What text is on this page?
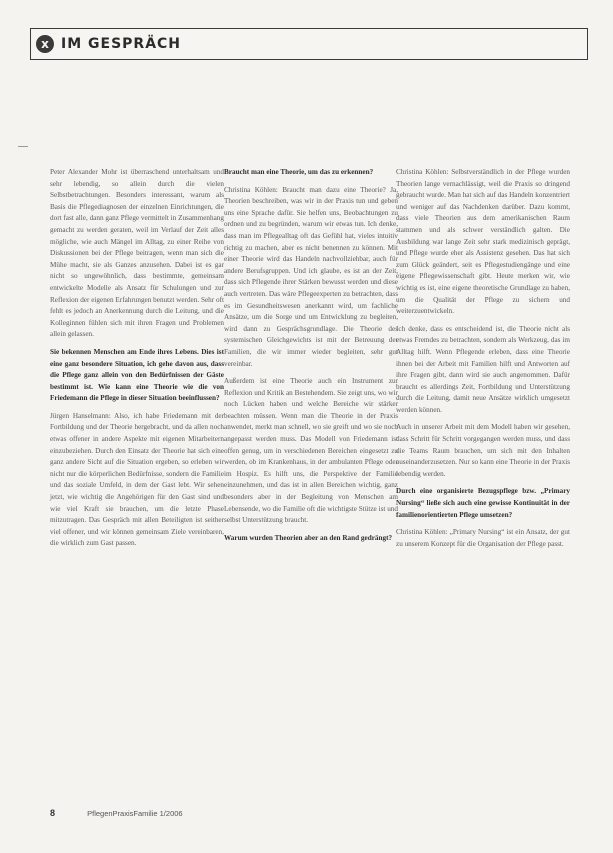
x IM GESPRÄCH

Peter Alexander Mohr ist überraschend unterhaltsam und sehr lebendig, so allein durch die vielen Selbstbetrachtungen. Besonders interessant, warum als Basis die Pflegediagnosen der einzelnen Einrichtungen, die dort fast alle, dann ganz Pflege vermittelt in Zusammenhang gemacht zu werden geraten, weil im Verlauf der Zeit alles mögliche, wie auch Mängel im Alltag, zu einer Reihe von Diskussionen bei der Pflege beitragen, wenn man sich die Mühe macht, sie als Ganzes anzusehen. Dabei ist es gar nicht so ungewöhnlich, dass bestimmte, gemeinsam entwickelte Modelle als Ansatz für Schulungen und zur Reflexion der eigenen Erfahrungen benutzt werden. Sehr oft fehlt es jedoch an Anerkennung durch die Leitung, und die Kolleginnen fühlen sich mit ihren Fragen und Problemen allein gelassen.

Sie bekennen Menschen am Ende ihres Lebens. Dies ist eine ganz besondere Situation, ich gehe davon aus, dass die Pflege ganz allein von den Bedürfnissen der Gäste bestimmt ist. Wie kann eine Theorie wie die von Friedemann die Pflege in dieser Situation beeinflussen?

Jürgen Hanselmann: Also, ich habe Friedemann mit der Fortbildung und der Theorie hergebracht, und da allen noch etwas offener in andere Aspekte mit eigenen Mitarbeitern einzubeziehen. Durch den Einsatz der Theorie hat sich eine ganz andere Sicht auf die Situation ergeben, so erleben wir nicht nur die körperlichen Bedürfnisse, sondern die Familie und das soziale Umfeld, in dem der Gast lebt. Wir sehen jetzt, wie wichtig die Angehörigen für den Gast sind und wie viel Kraft sie brauchen, um die letzte Phase mitzutragen. Das Gespräch mit allen Beteiligten ist seither viel offener, und wir können gemeinsam Ziele vereinbaren, die wirklich zum Gast passen.

Braucht man eine Theorie, um das zu erkennen?

Christina Köhlen: Braucht man dazu eine Theorie? Ja, Theorien beschreiben, was wir in der Praxis tun und geben uns eine Sprache dafür. Sie helfen uns, Beobachtungen zu ordnen und zu begründen, warum wir etwas tun. Ich denke, dass man im Pflegealltag oft das Gefühl hat, vieles intuitiv richtig zu machen, aber es nicht benennen zu können. Mit einer Theorie wird das Handeln nachvollziehbar, auch für andere Berufsgruppen. Und ich glaube, es ist an der Zeit, dass sich Pflegende ihrer Stärken bewusst werden und diese auch vertreten. Das wäre Pflegeexperten zu betrachten, dass es im Gesundheitswesen anerkannt wird, um fachliche Ansätze, um die Sorge und um Entwicklung zu begleiten, wird dann zu Gesprächsgrundlage. Die Theorie des systemischen Gleichgewichts ist mit der Betreuung der Familien, die wir immer wieder begleiten, sehr gut vereinbar.

Außerdem ist eine Theorie auch ein Instrument zur Reflexion und Kritik an Bestehendem. Sie zeigt uns, wo wir noch Lücken haben und welche Bereiche wir stärker beachten müssen. Wenn man die Theorie in der Praxis anwendet, merkt man schnell, wo sie greift und wo sie noch angepasst werden muss. Das Modell von Friedemann ist offen genug, um in verschiedenen Bereichen eingesetzt zu werden, ob im Krankenhaus, in der ambulanten Pflege oder im Hospiz. Es hilft uns, die Perspektive der Familie einzunehmen, und das ist in allen Bereichen wichtig, ganz besonders aber in der Begleitung von Menschen am Lebensende, wo die Familie oft die wichtigste Stütze ist und selbst Unterstützung braucht.

Warum wurden Theorien aber an den Rand gedrängt?

Christina Köhlen: Selbstverständlich in der Pflege wurden Theorien lange vernachlässigt, weil die Praxis so dringend gebraucht wurde. Man hat sich auf das Handeln konzentriert und weniger auf das Nachdenken darüber. Dazu kommt, dass viele Theorien aus dem amerikanischen Raum stammen und als schwer verständlich galten. Die Ausbildung war lange Zeit sehr stark medizinisch geprägt, und Pflege wurde eher als Assistenz gesehen. Das hat sich zum Glück geändert, seit es Pflegestudiengänge und eine eigene Pflegewissenschaft gibt. Heute merken wir, wie wichtig es ist, eine eigene theoretische Grundlage zu haben, um die Qualität der Pflege zu sichern und weiterzuentwickeln.

Ich denke, dass es entscheidend ist, die Theorie nicht als etwas Fremdes zu betrachten, sondern als Werkzeug, das im Alltag hilft. Wenn Pflegende erleben, dass eine Theorie ihnen bei der Arbeit mit Familien hilft und Antworten auf ihre Fragen gibt, dann wird sie auch angenommen. Dafür braucht es allerdings Zeit, Fortbildung und Unterstützung durch die Leitung, damit neue Ansätze wirklich umgesetzt werden können.

Auch in unserer Arbeit mit dem Modell haben wir gesehen, dass Schritt für Schritt vorgegangen werden muss, und dass die Teams Raum brauchen, um sich mit den Inhalten auseinanderzusetzen. Nur so kann eine Theorie in der Praxis lebendig werden.

Durch eine organisierte Bezugspflege bzw. „Primary Nursing“ ließe sich auch eine gewisse Kontinuität in der familienorientierten Pflege umsetzen?

Christina Köhlen: „Primary Nursing“ ist ein Ansatz, der gut zu unserem Konzept für die Organisation der Pflege passt.

8	PflegenPraxisFamilie 1/2006
